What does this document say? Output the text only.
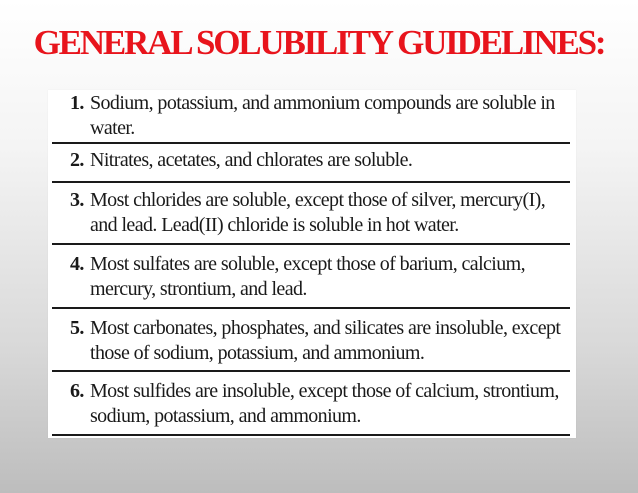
GENERAL SOLUBILITY GUIDELINES:
1. Sodium, potassium, and ammonium compounds are soluble in water.
2. Nitrates, acetates, and chlorates are soluble.
3. Most chlorides are soluble, except those of silver, mercury(I), and lead. Lead(II) chloride is soluble in hot water.
4. Most sulfates are soluble, except those of barium, calcium, mercury, strontium, and lead.
5. Most carbonates, phosphates, and silicates are insoluble, except those of sodium, potassium, and ammonium.
6. Most sulfides are insoluble, except those of calcium, strontium, sodium, potassium, and ammonium.
